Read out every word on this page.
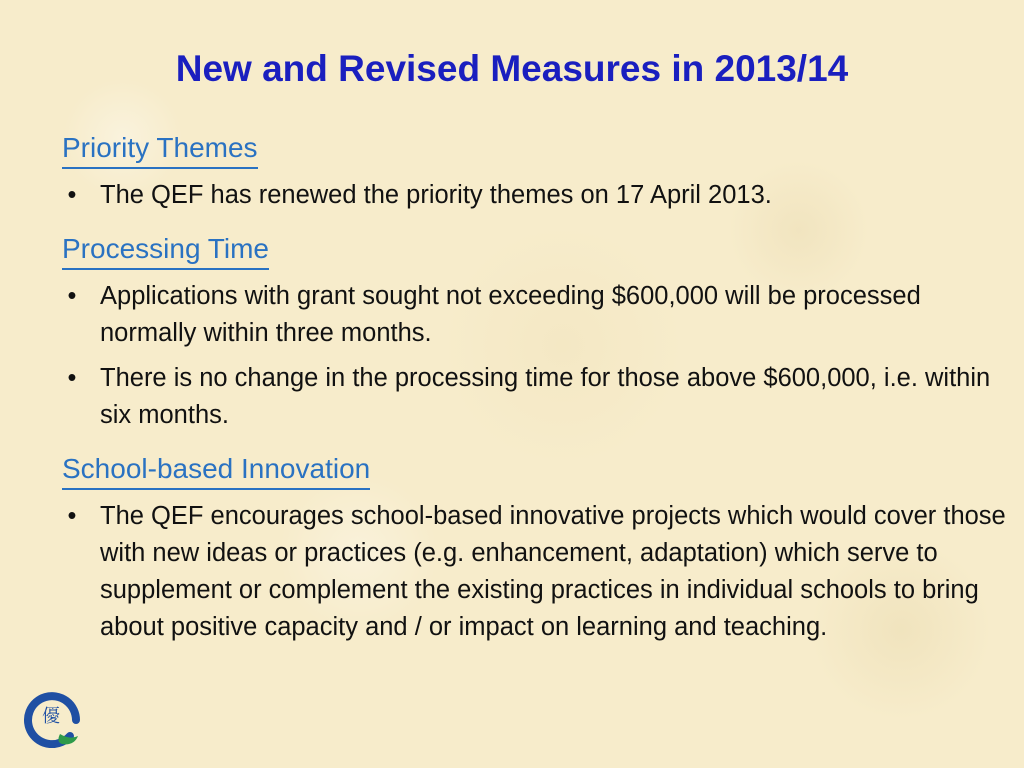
New and Revised Measures in 2013/14
Priority Themes
• The QEF has renewed the priority themes on 17 April 2013.
Processing Time
• Applications with grant sought not exceeding $600,000 will be processed normally within three months.
• There is no change in the processing time for those above $600,000, i.e. within six months.
School-based Innovation
• The QEF encourages school-based innovative projects which would cover those with new ideas or practices (e.g. enhancement, adaptation) which serve to supplement or complement the existing practices in individual schools to bring about positive capacity and / or impact on learning and teaching.
優
